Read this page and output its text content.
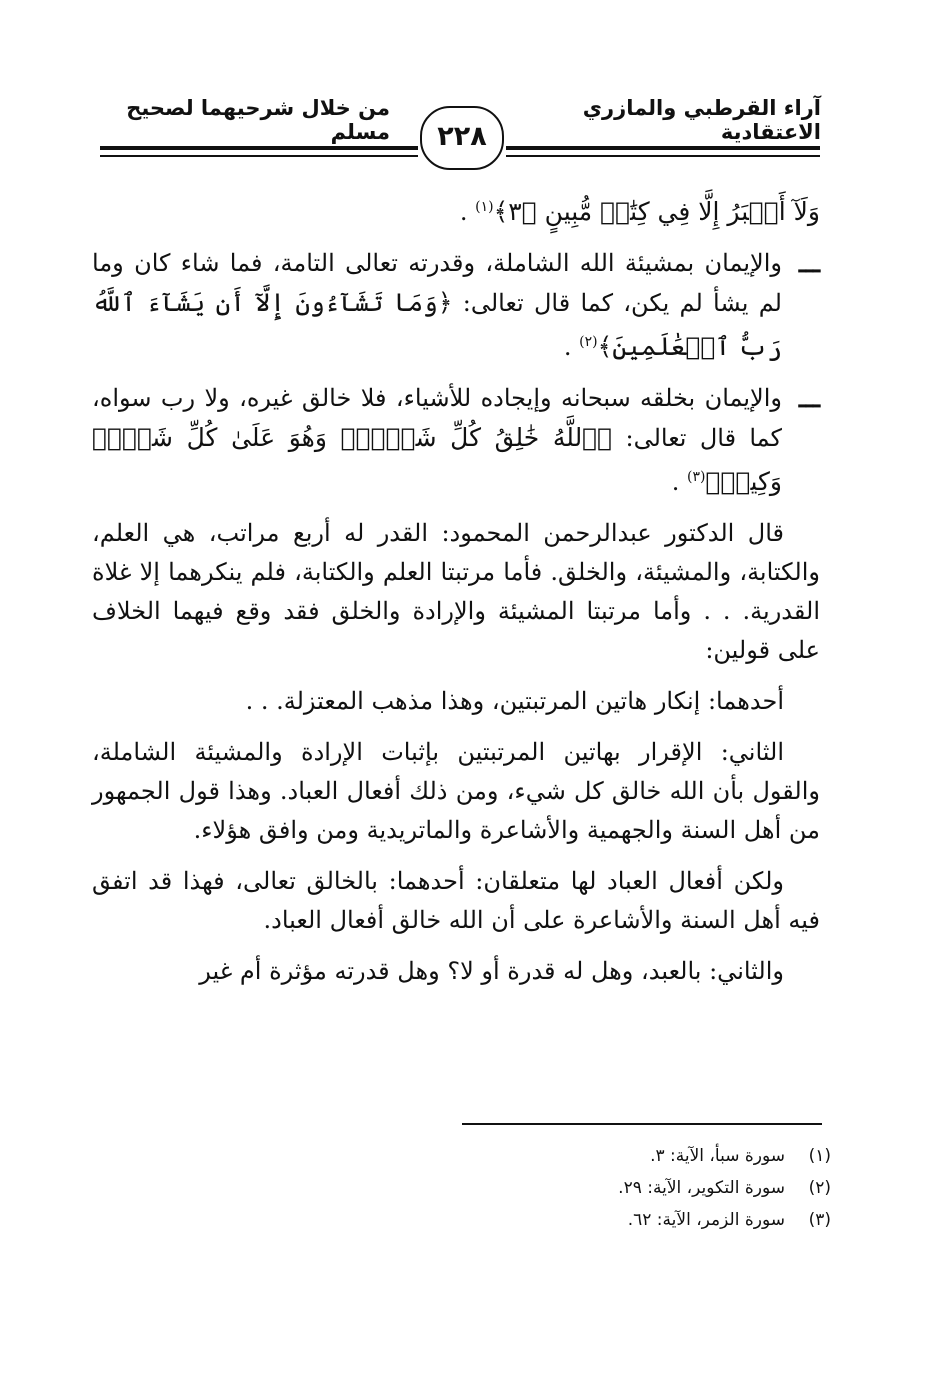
آراء القرطبي والمازري الاعتقادية
من خلال شرحيهما لصحيح مسلم	٢٢٨
وَلَآ أَكۡبَرُ إِلَّا فِي كِتَٰبٖ مُّبِينٍ ﴿٣﴾$^{(١)}$ .
ـــ
والإيمان بمشيئة الله الشاملة، وقدرته تعالى التامة، فما شاء كان وما لم يشأ لم يكن، كما قال تعالى: ﴿وَمَا تَشَآءُونَ إِلَّآ أَن يَشَآءَ ٱللَّهُ رَبُّ ٱلۡعَٰلَمِينَ﴾$^{(٢)}$ .
ـــ
والإيمان بخلقه سبحانه وإيجاده للأشياء، فلا خالق غيره، ولا رب سواه، كما قال تعالى: ﴿ٱللَّهُ خَٰلِقُ كُلِّ شَيۡءٖۖ وَهُوَ عَلَىٰ كُلِّ شَيۡءٖ وَكِيلٞ﴾$^{(٣)}$ .
قال الدكتور عبدالرحمن المحمود: القدر له أربع مراتب، هي العلم، والكتابة، والمشيئة، والخلق. فأما مرتبتا العلم والكتابة، فلم ينكرهما إلا غلاة القدرية. . . وأما مرتبتا المشيئة والإرادة والخلق فقد وقع فيهما الخلاف على قولين:
أحدهما: إنكار هاتين المرتبتين، وهذا مذهب المعتزلة. . .
الثاني: الإقرار بهاتين المرتبتين بإثبات الإرادة والمشيئة الشاملة، والقول بأن الله خالق كل شيء، ومن ذلك أفعال العباد. وهذا قول الجمهور من أهل السنة والجهمية والأشاعرة والماتريدية ومن وافق هؤلاء.
ولكن أفعال العباد لها متعلقان: أحدهما: بالخالق تعالى، فهذا قد اتفق فيه أهل السنة والأشاعرة على أن الله خالق أفعال العباد.
والثاني: بالعبد، وهل له قدرة أو لا؟ وهل قدرته مؤثرة أم غير
(١)سورة سبأ، الآية: ٣.
(٢)سورة التكوير، الآية: ٢٩.
(٣)سورة الزمر، الآية: ٦٢.
